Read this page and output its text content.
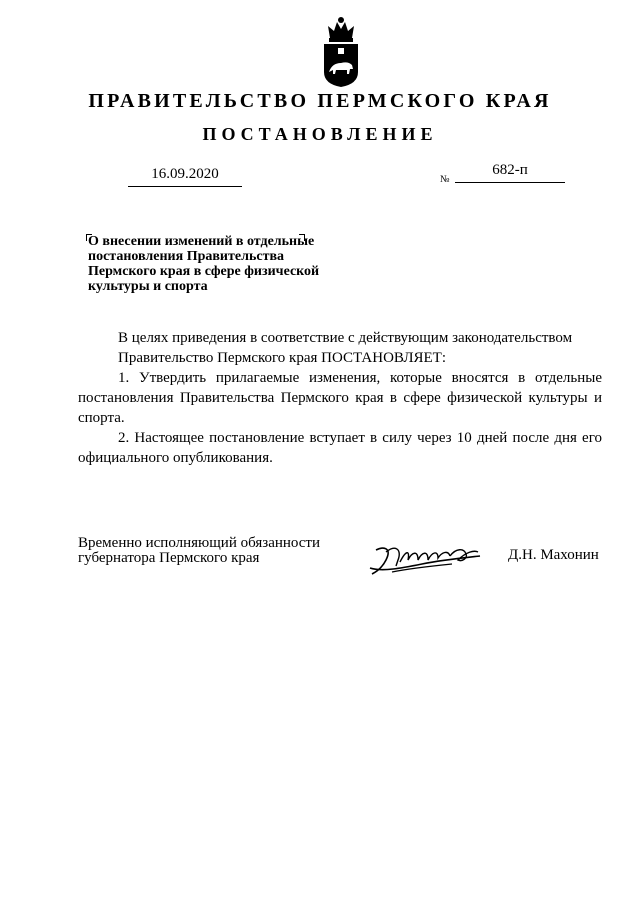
ПРАВИТЕЛЬСТВО ПЕРМСКОГО КРАЯ
ПОСТАНОВЛЕНИЕ
16.09.2020	№
682-п
О внесении изменений в отдельные
постановления Правительства
Пермского края в сфере физической
культуры и спорта

В целях приведения в соответствие с действующим законодательством

Правительство Пермского края ПОСТАНОВЛЯЕТ:

1. Утвердить прилагаемые изменения, которые вносятся в отдельные постановления Правительства Пермского края в сфере физической культуры и спорта.

2. Настоящее постановление вступает в силу через 10 дней после дня его официального опубликования.

Временно исполняющий обязанности
губернатора Пермского края	Д.Н. Махонин
